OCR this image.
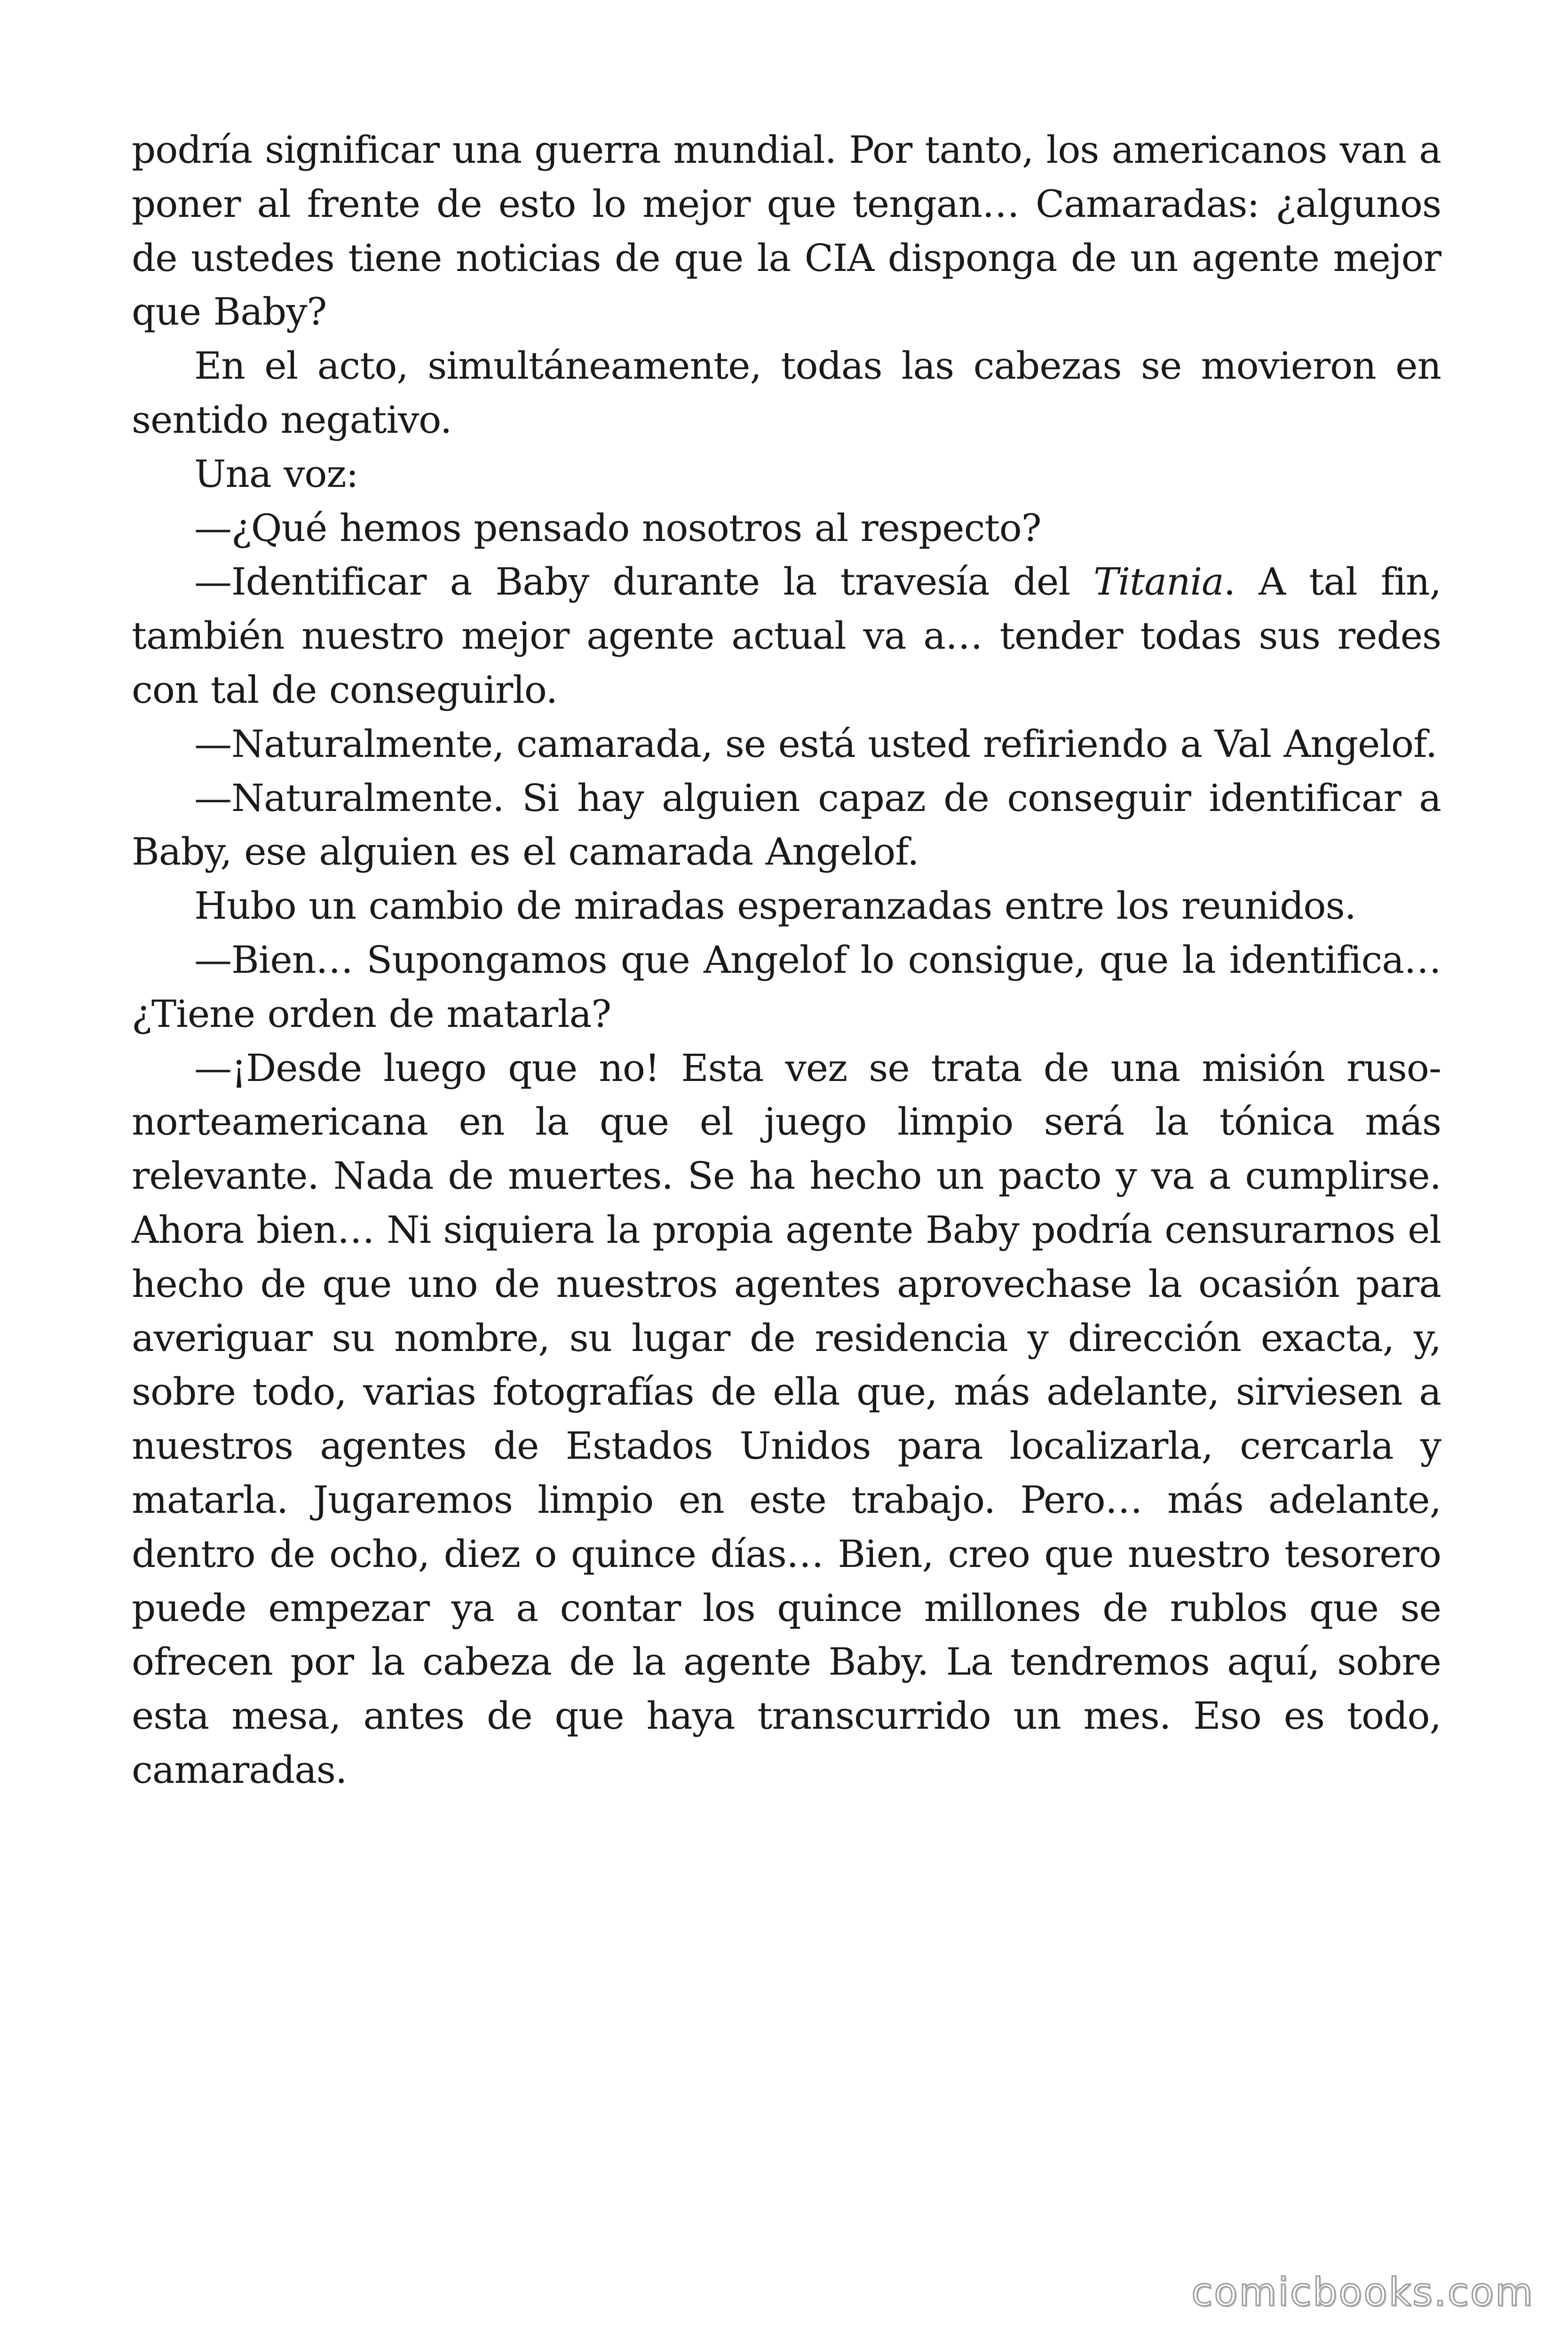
podría significar una guerra mundial. Por tanto, los americanos van a poner al frente de esto lo mejor que tengan… Camaradas: ¿algunos de ustedes tiene noticias de que la CIA disponga de un agente mejor que Baby?

En el acto, simultáneamente, todas las cabezas se movieron en sentido negativo.

Una voz:

—¿Qué hemos pensado nosotros al respecto?

—Identificar a Baby durante la travesía del Titania. A tal fin, también nuestro mejor agente actual va a… tender todas sus redes con tal de conseguirlo.

—Naturalmente, camarada, se está usted refiriendo a Val Angelof.

—Naturalmente. Si hay alguien capaz de conseguir identificar a Baby, ese alguien es el camarada Angelof.

Hubo un cambio de miradas esperanzadas entre los reunidos.

—Bien… Supongamos que Angelof lo consigue, que la identifica… ¿Tiene orden de matarla?

—¡Desde luego que no! Esta vez se trata de una misión ruso-norteamericana en la que el juego limpio será la tónica más relevante. Nada de muertes. Se ha hecho un pacto y va a cumplirse. Ahora bien… Ni siquiera la propia agente Baby podría censurarnos el hecho de que uno de nuestros agentes aprovechase la ocasión para averiguar su nombre, su lugar de residencia y dirección exacta, y, sobre todo, varias fotografías de ella que, más adelante, sirviesen a nuestros agentes de Estados Unidos para localizarla, cercarla y matarla. Jugaremos limpio en este trabajo. Pero… más adelante, dentro de ocho, diez o quince días… Bien, creo que nuestro tesorero puede empezar ya a contar los quince millones de rublos que se ofrecen por la cabeza de la agente Baby. La tendremos aquí, sobre esta mesa, antes de que haya transcurrido un mes. Eso es todo, camaradas.

comicbooks.com
